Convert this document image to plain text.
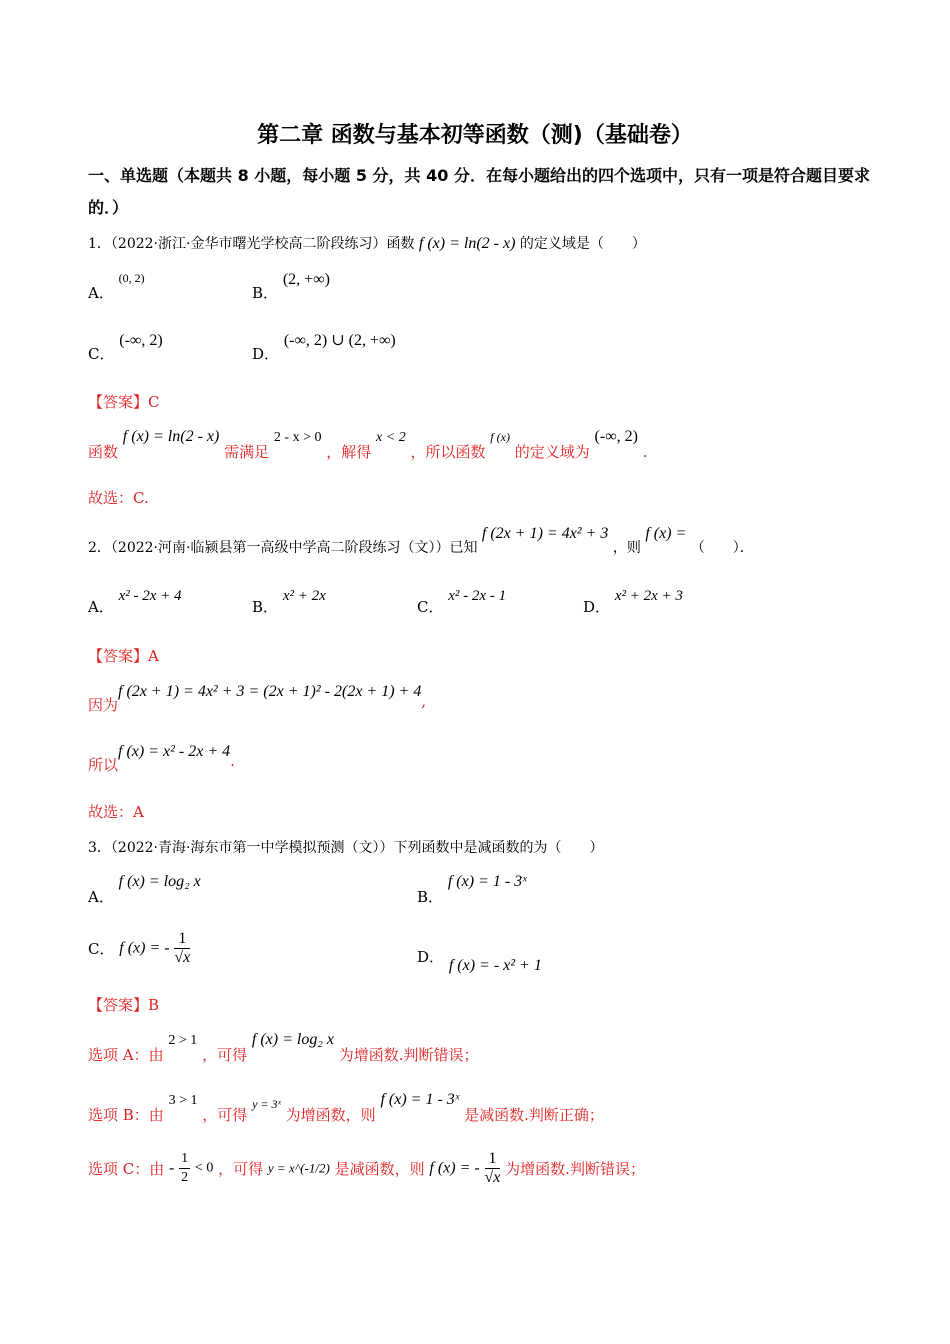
第二章 函数与基本初等函数（测)（基础卷）
一、单选题（本题共 8 小题，每小题 5 分，共 40 分．在每小题给出的四个选项中，只有一项是符合题目要求的．）
1．（2022·浙江·金华市曙光学校高二阶段练习）函数 f (x) = ln(2 - x) 的定义域是（　　）
A． $^{(0, 2)}$
B． (2, +∞)
C． (-∞, 2)
D． (-∞, 2) ∪ (2, +∞)
【答案】C
函数 f (x) = ln(2 - x) 需满足 2 - x > 0 ，解得 x < 2 ，所以函数 f (x) 的定义域为 (-∞, 2) .
故选：C.
2．（2022·河南·临颍县第一高级中学高二阶段练习（文））已知 f (2x + 1) = 4x² + 3 ，则 f (x) = （　　）．
A． x² - 2x + 4
B． x² + 2x
C． x² - 2x - 1
D． x² + 2x + 3
【答案】A
因为f (2x + 1) = 4x² + 3 = (2x + 1)² - 2(2x + 1) + 4,
所以f (x) = x² - 2x + 4.
故选：A
3．（2022·青海·海东市第一中学模拟预测（文））下列函数中是减函数的为（　　）
A． f (x) = log₂ x
B． f (x) = 1 - 3ˣ
C． f (x) = - $\frac{1}{√x}$	D． f (x) = - x² + 1
【答案】B
选项 A：由 2 > 1 ，可得 f (x) = log₂ x 为增函数.判断错误；
选项 B：由 3 > 1 ，可得 $_{y = 3ˣ}$ 为增函数，则 f (x) = 1 - 3ˣ 是减函数.判断正确；
选项 C：由 - $\frac{1}{2} < 0$ ，可得 y = x^(-1/2) 是减函数，则 f (x) = - $\frac{1}{√x}$ 为增函数.判断错误；
